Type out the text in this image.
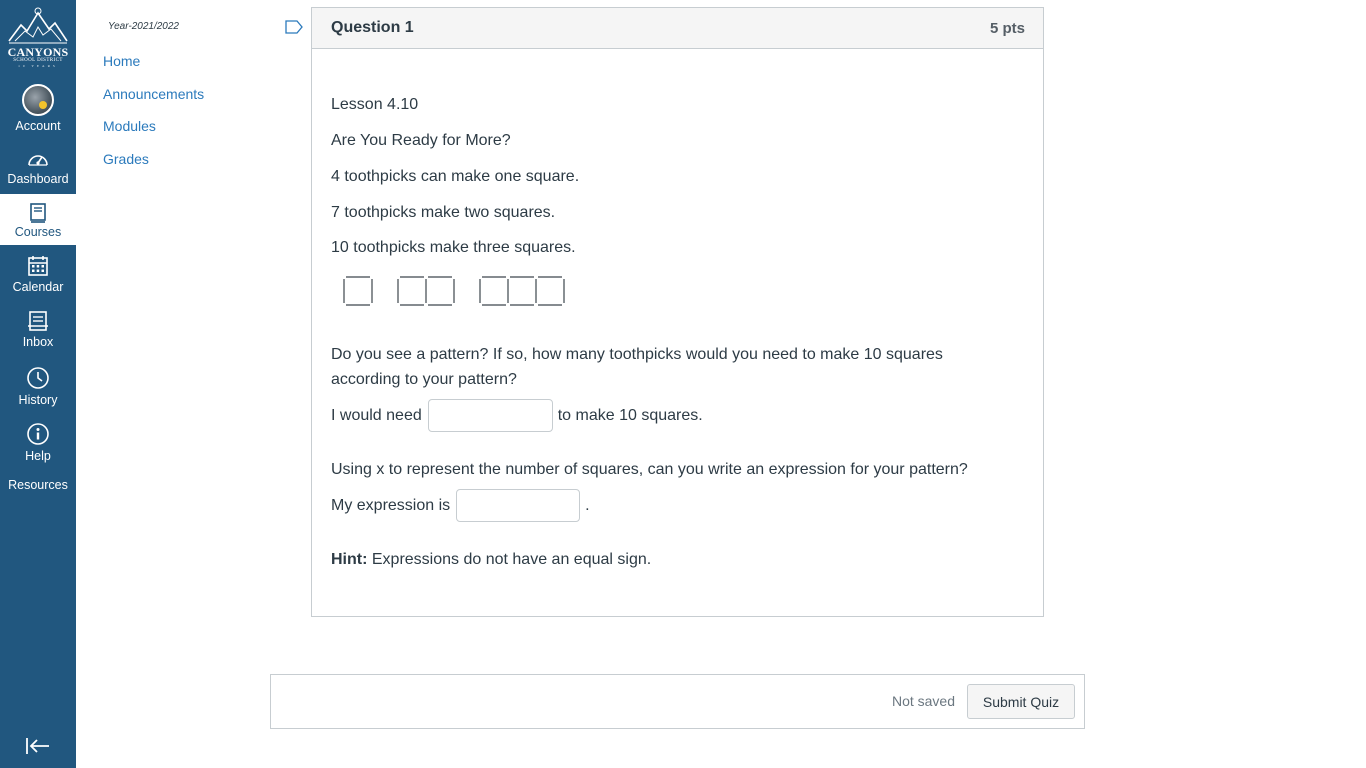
CANYONS
SCHOOL DISTRICT
10 YEARS
Account
Dashboard
Courses
Calendar
Inbox
History
Help
Resources
Year-2021/2022
Home
Announcements
Modules
Grades
Question 1	5 pts
Lesson 4.10
Are You Ready for More?
4 toothpicks can make one square.
7 toothpicks make two squares.
10 toothpicks make three squares.
Do you see a pattern? If so, how many toothpicks would you need to make 10 squares according to your pattern?
I would need	to make 10 squares.
Using x to represent the number of squares, can you write an expression for your pattern?
My expression is	.
Hint: Expressions do not have an equal sign.
Not saved	Submit Quiz
